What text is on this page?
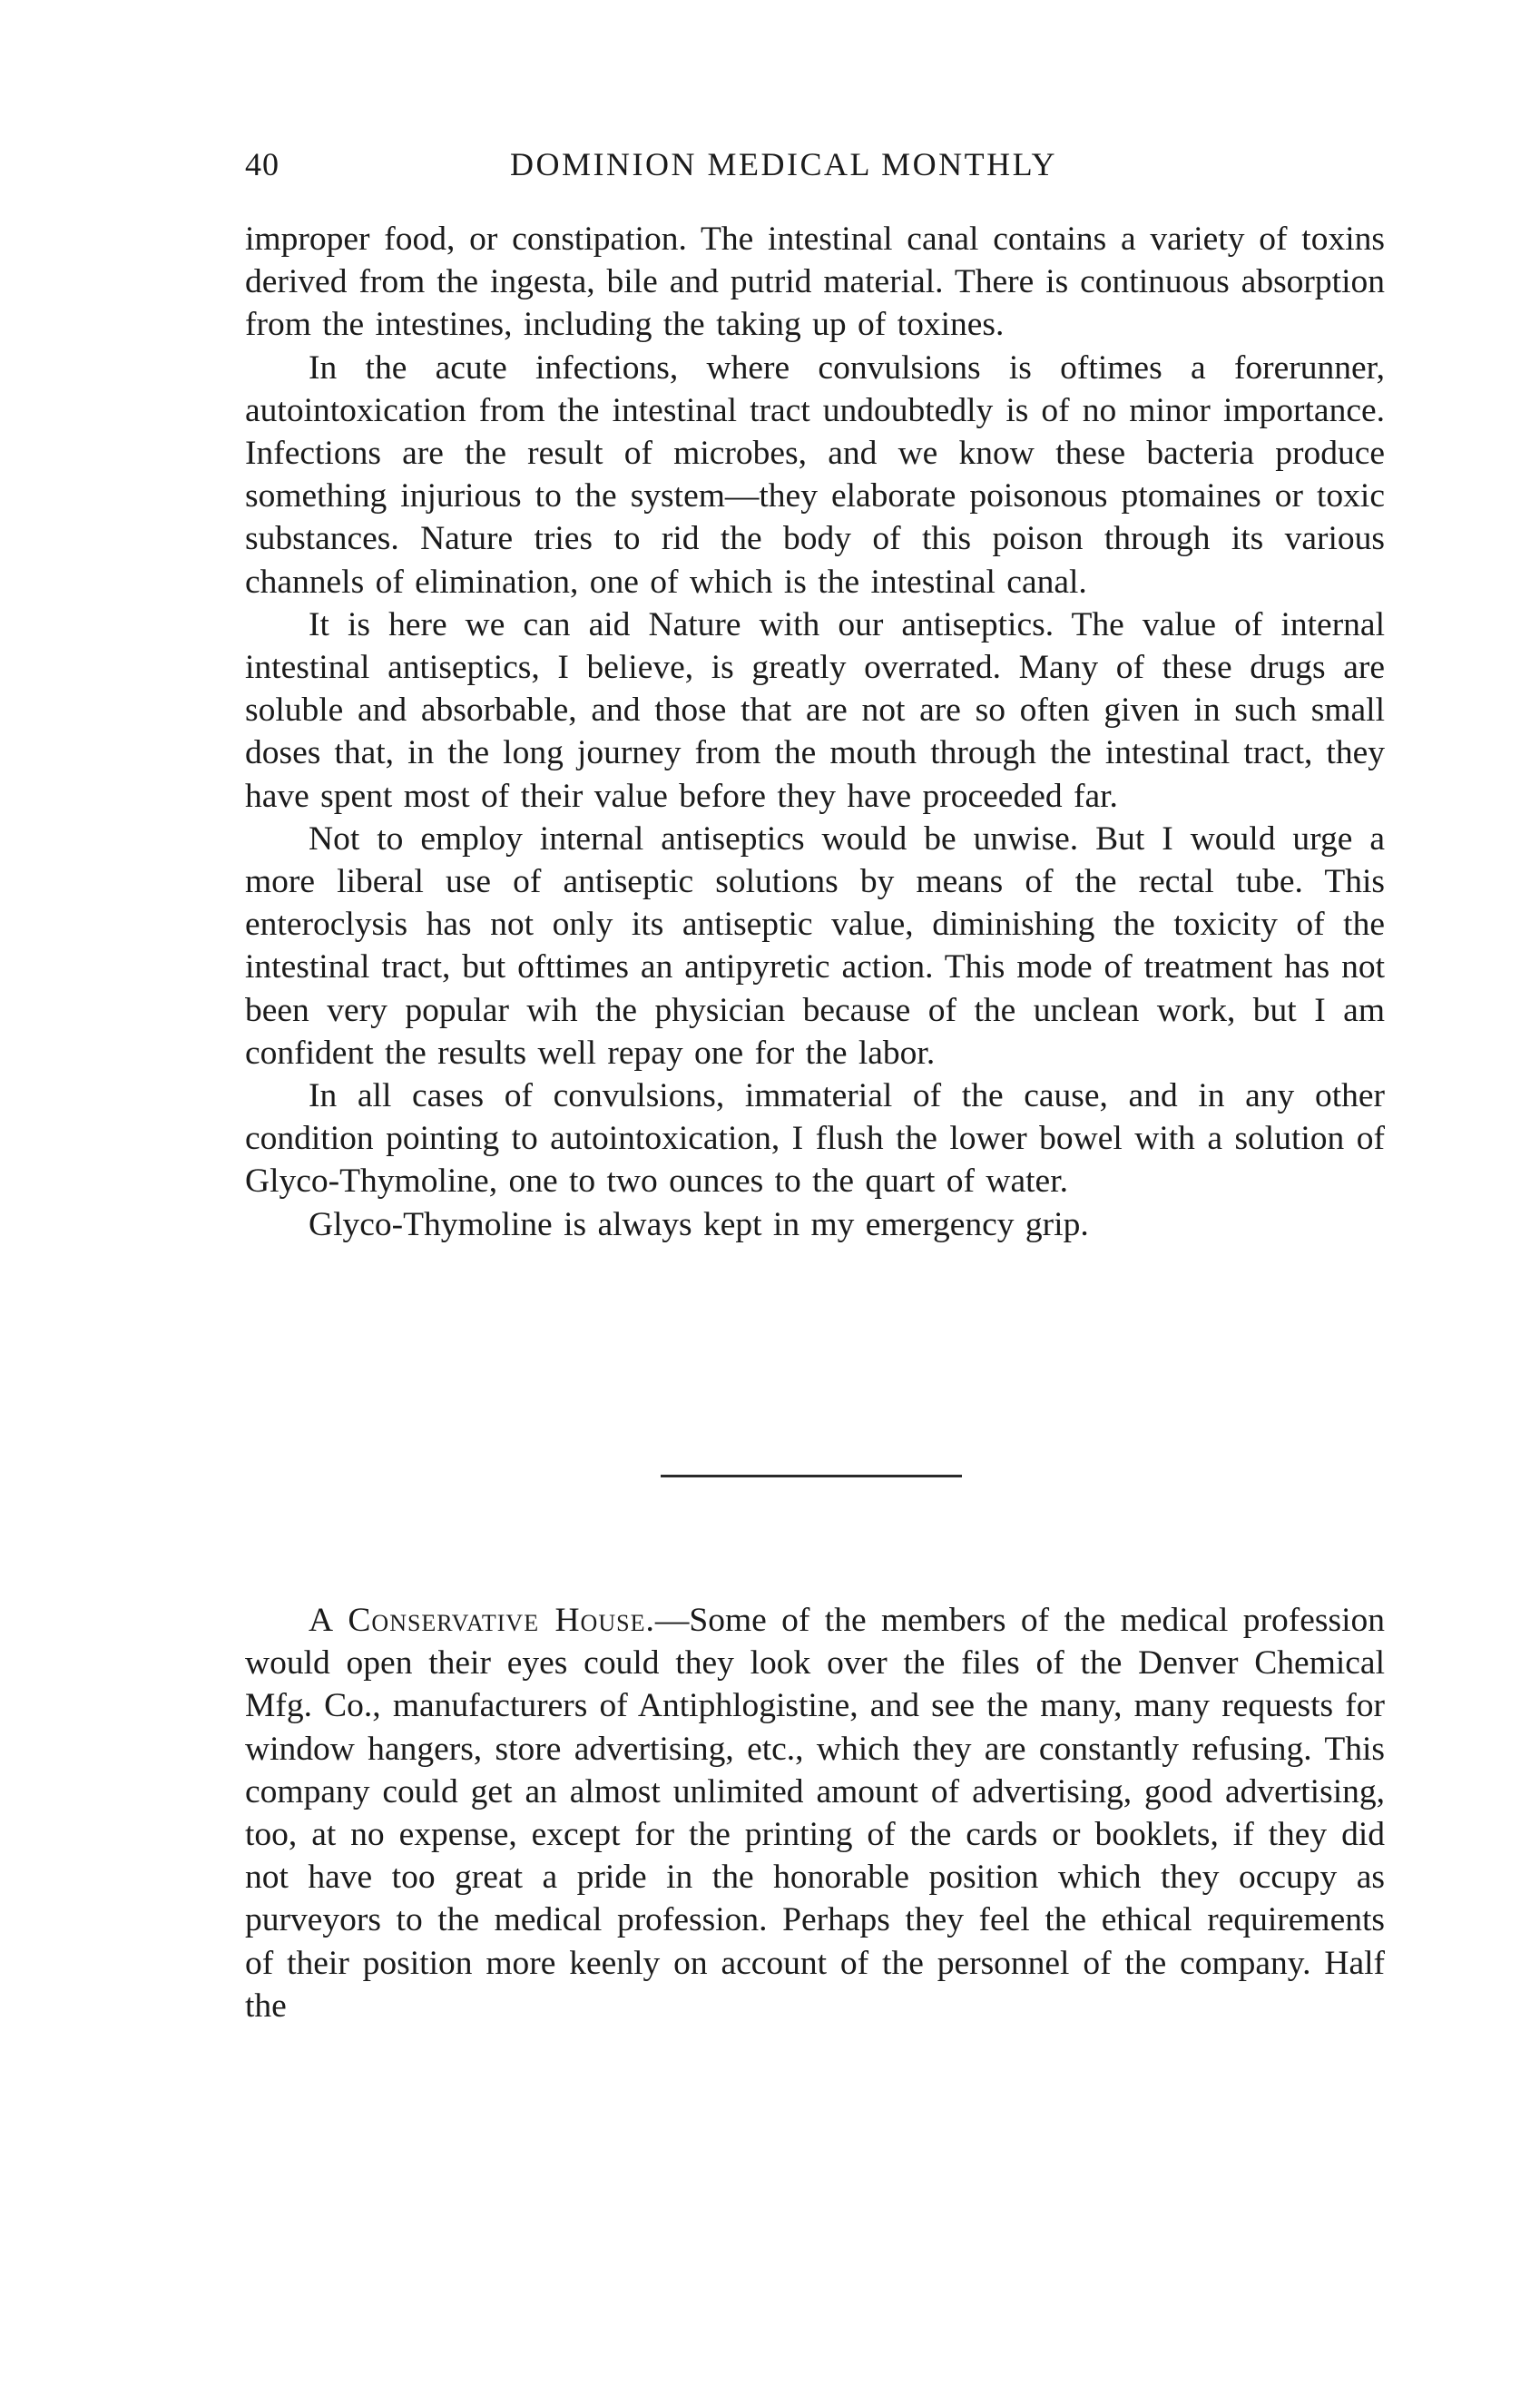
40	DOMINION MEDICAL MONTHLY

improper food, or constipation. The intestinal canal contains a variety of toxins derived from the ingesta, bile and putrid material. There is continuous absorption from the intestines, including the taking up of toxines.

In the acute infections, where convulsions is oftimes a forerunner, autointoxication from the intestinal tract undoubtedly is of no minor importance. Infections are the result of microbes, and we know these bacteria produce something injurious to the system—they elaborate poisonous ptomaines or toxic substances. Nature tries to rid the body of this poison through its various channels of elimination, one of which is the intestinal canal.

It is here we can aid Nature with our antiseptics. The value of internal intestinal antiseptics, I believe, is greatly overrated. Many of these drugs are soluble and absorbable, and those that are not are so often given in such small doses that, in the long journey from the mouth through the intestinal tract, they have spent most of their value before they have proceeded far.

Not to employ internal antiseptics would be unwise. But I would urge a more liberal use of antiseptic solutions by means of the rectal tube. This enteroclysis has not only its antiseptic value, diminishing the toxicity of the intestinal tract, but ofttimes an antipyretic action. This mode of treatment has not been very popular wih the physician because of the unclean work, but I am confident the results well repay one for the labor.

In all cases of convulsions, immaterial of the cause, and in any other condition pointing to autointoxication, I flush the lower bowel with a solution of Glyco-Thymoline, one to two ounces to the quart of water.

Glyco-Thymoline is always kept in my emergency grip.

A Conservative House.—Some of the members of the medical profession would open their eyes could they look over the files of the Denver Chemical Mfg. Co., manufacturers of Antiphlogistine, and see the many, many requests for window hangers, store advertising, etc., which they are constantly refusing. This company could get an almost unlimited amount of advertising, good advertising, too, at no expense, except for the printing of the cards or booklets, if they did not have too great a pride in the honorable position which they occupy as purveyors to the medical profession. Perhaps they feel the ethical requirements of their position more keenly on account of the personnel of the company. Half the
